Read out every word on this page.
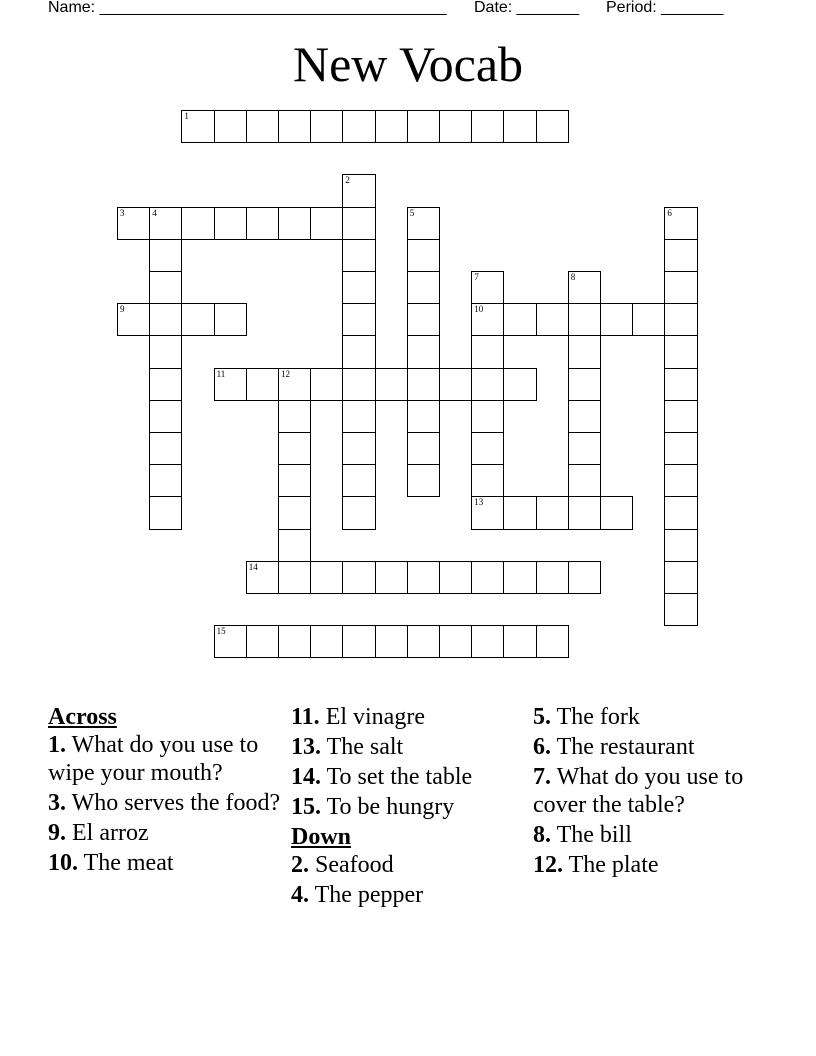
Name: _______________________________________ Date: _______ Period: _______
New Vocab
1
2
3	4	5	6
7
10
13
8
9
11	12
14
15

Across

1. What do you use to wipe your mouth?

3. Who serves the food?

9. El arroz

10. The meat

11. El vinagre

13. The salt

14. To set the table

15. To be hungry

Down

2. Seafood

4. The pepper

5. The fork

6. The restaurant

7. What do you use to cover the table?

8. The bill

12. The plate
